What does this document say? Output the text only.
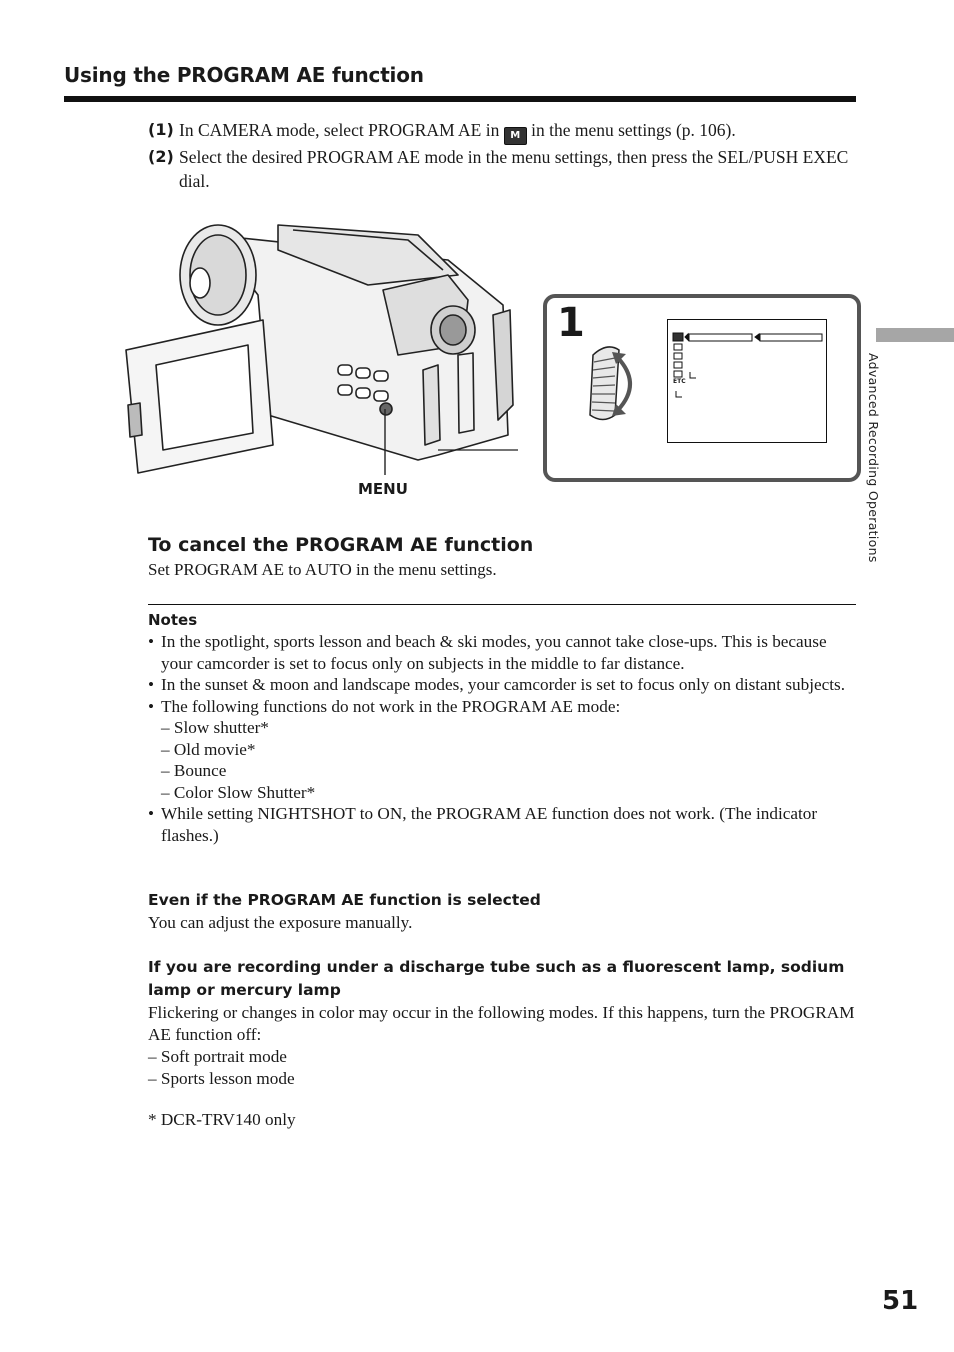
Using the PROGRAM AE function
(1) In CAMERA mode, select PROGRAM AE in M in the menu settings (p. 106).
(2) Select the desired PROGRAM AE mode in the menu settings, then press the SEL/PUSH EXEC dial.
Advanced Recording Operations
MENU
1
ETC
To cancel the PROGRAM AE function
Set PROGRAM AE to AUTO in the menu settings.
Notes
• In the spotlight, sports lesson and beach & ski modes, you cannot take close-ups. This is because your camcorder is set to focus only on subjects in the middle to far distance.
• In the sunset & moon and landscape modes, your camcorder is set to focus only on distant subjects.
• The following functions do not work in the PROGRAM AE mode:
– Slow shutter*
– Old movie*
– Bounce
– Color Slow Shutter*
• While setting NIGHTSHOT to ON, the PROGRAM AE function does not work. (The indicator flashes.)
Even if the PROGRAM AE function is selected
You can adjust the exposure manually.
If you are recording under a discharge tube such as a fluorescent lamp, sodium lamp or mercury lamp
Flickering or changes in color may occur in the following modes. If this happens, turn the PROGRAM AE function off:
– Soft portrait mode
– Sports lesson mode
* DCR-TRV140 only
51
